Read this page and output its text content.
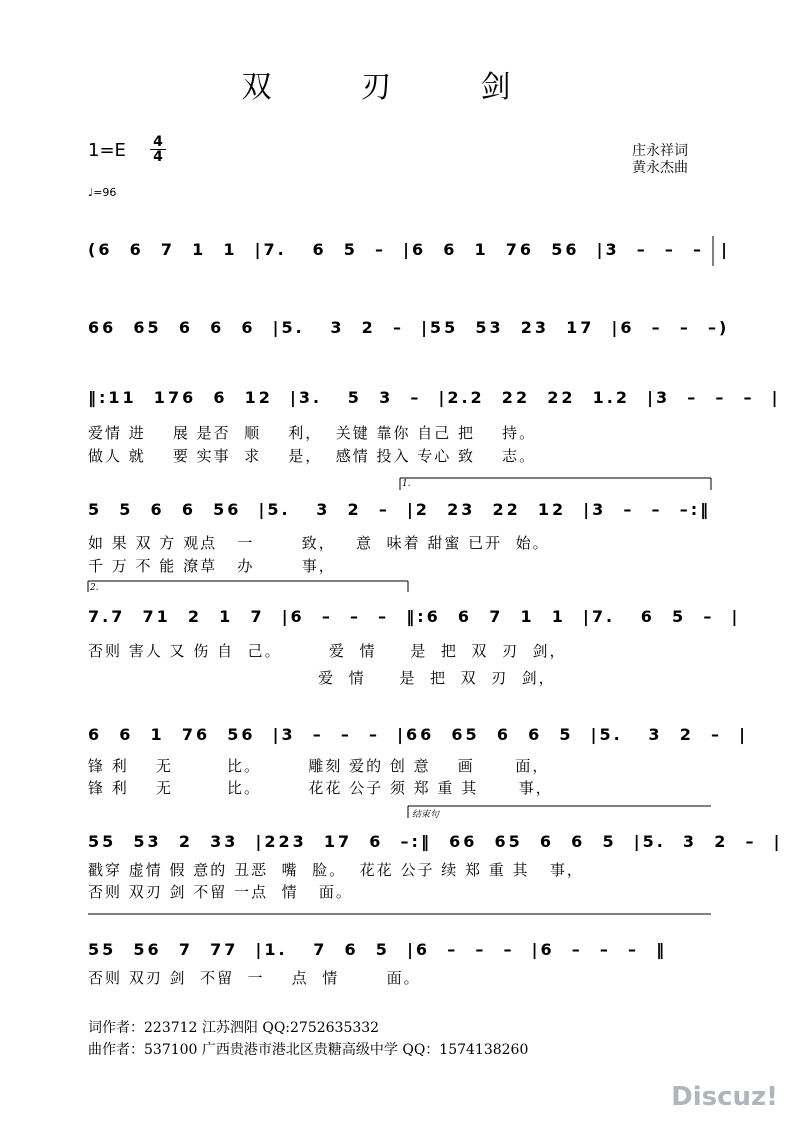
双 刃 剑
1=E 4
4
♩=96
庄永祥词
黄永杰曲
(6  6  7  1  1  |7.   6  5  –  |6  6  1  76  56  |3  –  –  –  |
66  65  6  6  6  |5.   3  2  –  |55  53  23  17  |6  –  –  –)
‖:11  176  6  12  |3.   5  3  –  |2.2  22  22  1.2  |3  –  –  –  |
爱情 进    展 是否  顺    利，  关键 靠你 自己 把    持。
做人 就    要 实事  求    是，  感情 投入 专心 致    志。
5  5  6  6  56  |5.   3  2  –  |2  23  22  12  |3  –  –  –:‖
如 果 双 方 观点   一       致，   意  味着 甜蜜 已开  始。
千 万 不 能 潦草   办       事，
1.
7.7  71  2  1  7  |6  –  –  –  ‖:6  6  7  1  1  |7.   6  5  –  |
否则 害人 又 伤 自  己。       爱  情     是  把  双  刃  剑，
爱  情     是  把  双  刃  剑，
2.
6  6  1  76  56  |3  –  –  –  |66  65  6  6  5  |5.   3  2  –  |
锋 利    无        比。       雕刻 爱的 创 意    画      面，
锋 利    无        比。       花花 公子 须 郑 重 其      事，
55  53  2  33  |223  17  6  –:‖  66  65  6  6  5  |5.  3  2  –  |
戳穿 虚情 假 意的 丑恶  嘴  脸。  花花 公子 续 郑 重 其   事，
否则 双刃 剑 不留 一点  情   面。
结束句
55  56  7  77  |1.   7  6  5  |6  –  –  –  |6  –  –  –  ‖
否则 双刃 剑  不留  一    点  情       面。
词作者：223712 江苏泗阳 QQ:2752635332
曲作者：537100 广西贵港市港北区贵糖高级中学 QQ：1574138260
Discuz!
